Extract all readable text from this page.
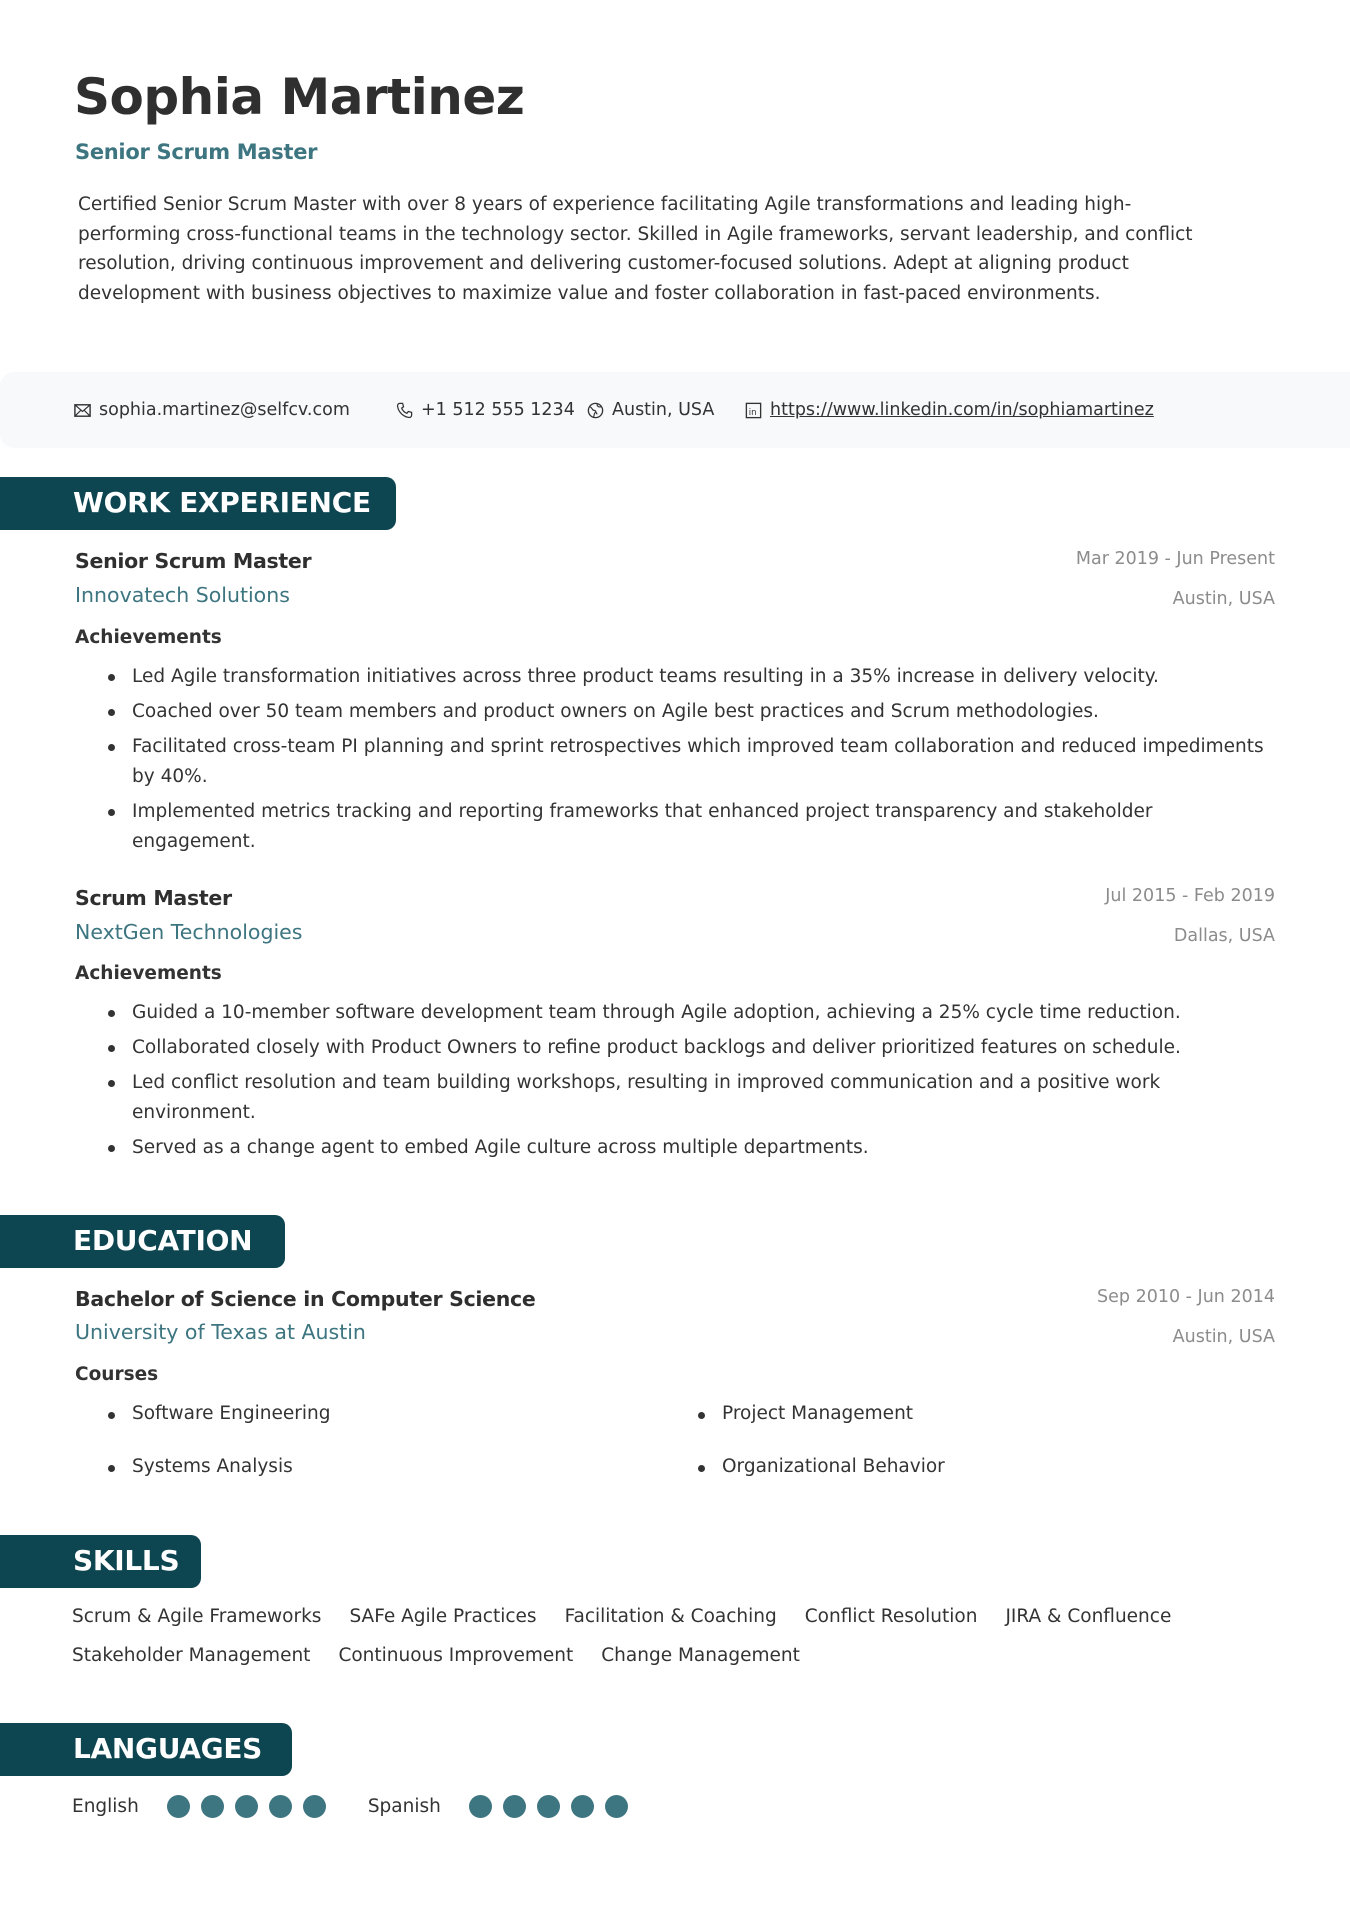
Sophia Martinez
Senior Scrum Master
Certified Senior Scrum Master with over 8 years of experience facilitating Agile transformations and leading high-performing cross-functional teams in the technology sector. Skilled in Agile frameworks, servant leadership, and conflict resolution, driving continuous improvement and delivering customer-focused solutions. Adept at aligning product development with business objectives to maximize value and foster collaboration in fast-paced environments.
sophia.martinez@selfcv.com	+1 512 555 1234 Austin, USA	in https://www.linkedin.com/in/sophiamartinez
WORK EXPERIENCE
Senior Scrum Master
Innovatech Solutions
Mar 2019 - Jun Present
Austin, USA
Achievements
Led Agile transformation initiatives across three product teams resulting in a 35% increase in delivery velocity.
Coached over 50 team members and product owners on Agile best practices and Scrum methodologies.
Facilitated cross-team PI planning and sprint retrospectives which improved team collaboration and reduced impediments by 40%.
Implemented metrics tracking and reporting frameworks that enhanced project transparency and stakeholder engagement.
Scrum Master
NextGen Technologies
Jul 2015 - Feb 2019
Dallas, USA
Achievements
Guided a 10-member software development team through Agile adoption, achieving a 25% cycle time reduction.
Collaborated closely with Product Owners to refine product backlogs and deliver prioritized features on schedule.
Led conflict resolution and team building workshops, resulting in improved communication and a positive work environment.
Served as a change agent to embed Agile culture across multiple departments.
EDUCATION
Bachelor of Science in Computer Science
University of Texas at Austin
Sep 2010 - Jun 2014
Austin, USA
Courses
Software Engineering	Project Management
Systems Analysis	Organizational Behavior
SKILLS
Scrum & Agile Frameworks SAFe Agile Practices Facilitation & Coaching Conflict Resolution JIRA & Confluence
Stakeholder Management Continuous Improvement Change Management
LANGUAGES
English	Spanish
